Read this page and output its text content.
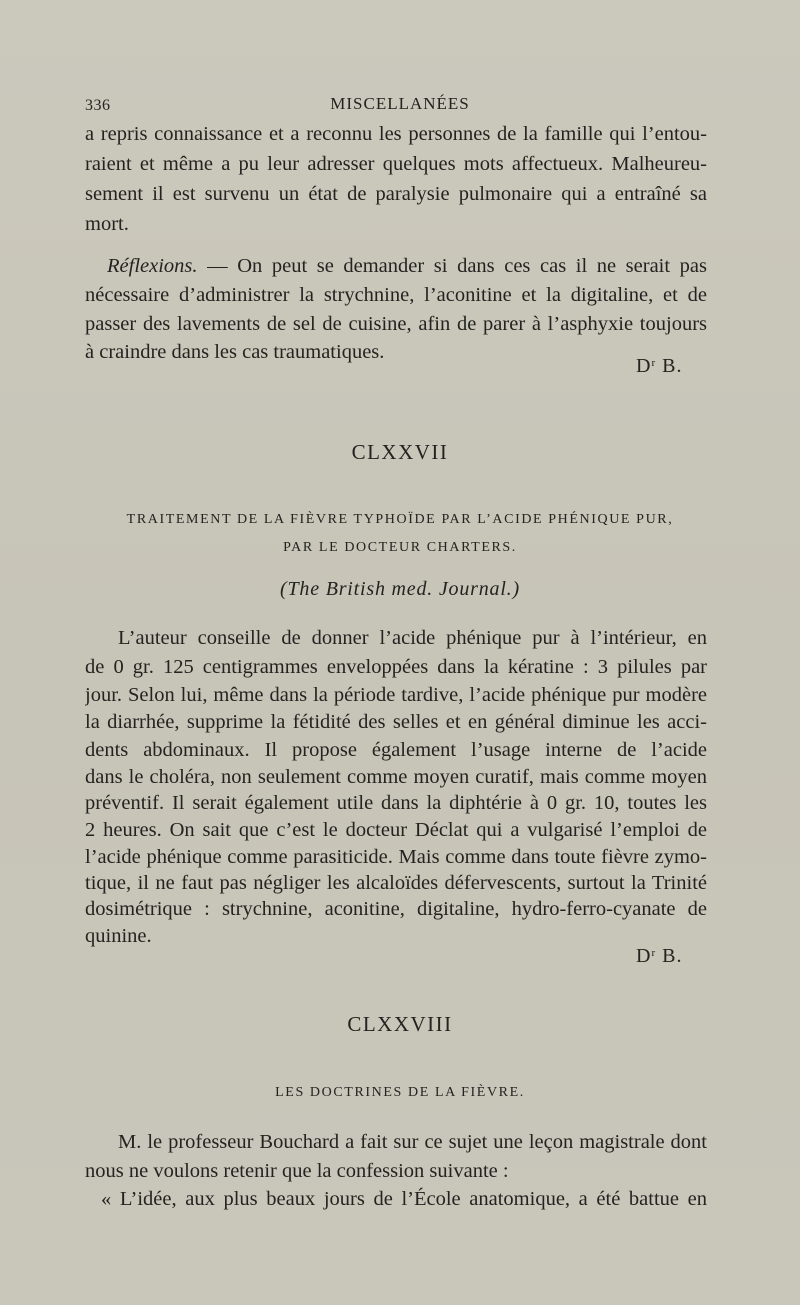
336	MISCELLANÉES
a repris connaissance et a reconnu les personnes de la famille qui l’entou-
raient et même a pu leur adresser quelques mots affectueux. Malheureu-
sement il est survenu un état de paralysie pulmonaire qui a entraîné sa
mort.
Réflexions. — On peut se demander si dans ces cas il ne serait pas
nécessaire d’administrer la strychnine, l’aconitine et la digitaline, et de
passer des lavements de sel de cuisine, afin de parer à l’asphyxie toujours
à craindre dans les cas traumatiques.
$D^r$ B.
CLXXVII
TRAITEMENT DE LA FIÈVRE TYPHOÏDE PAR L’ACIDE PHÉNIQUE PUR,
PAR LE DOCTEUR CHARTERS.
(The British med. Journal.)
L’auteur conseille de donner l’acide phénique pur à l’intérieur, en
de 0 gr. 125 centigrammes enveloppées dans la kératine : 3 pilules par
jour. Selon lui, même dans la période tardive, l’acide phénique pur modère
la diarrhée, supprime la fétidité des selles et en général diminue les acci-
dents abdominaux. Il propose également l’usage interne de l’acide
dans le choléra, non seulement comme moyen curatif, mais comme moyen
préventif. Il serait également utile dans la diphtérie à 0 gr. 10, toutes les
2 heures. On sait que c’est le docteur Déclat qui a vulgarisé l’emploi de
l’acide phénique comme parasiticide. Mais comme dans toute fièvre zymo-
tique, il ne faut pas négliger les alcaloïdes défervescents, surtout la Trinité
dosimétrique : strychnine, aconitine, digitaline, hydro-ferro-cyanate de
quinine.
$D^r$ B.
CLXXVIII
LES DOCTRINES DE LA FIÈVRE.
M. le professeur Bouchard a fait sur ce sujet une leçon magistrale dont
nous ne voulons retenir que la confession suivante :
« L’idée, aux plus beaux jours de l’École anatomique, a été battue en
